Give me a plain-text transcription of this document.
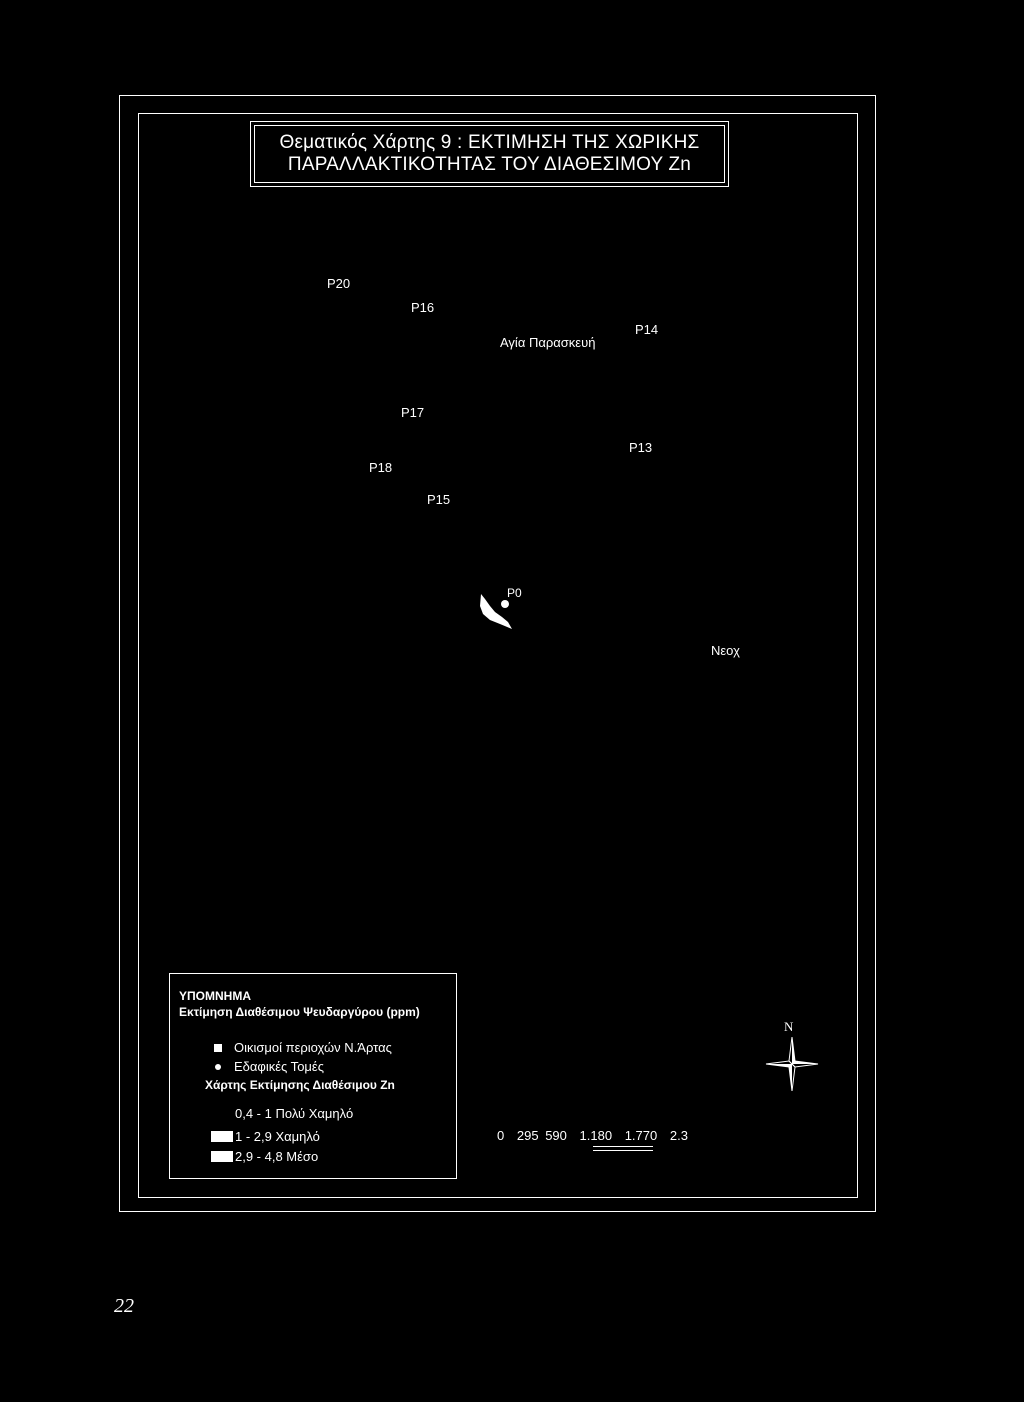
Θεματικός Χάρτης 9 : ΕΚΤΙΜΗΣΗ ΤΗΣ ΧΩΡΙΚΗΣ
ΠΑΡΑΛΛΑΚΤΙΚΟΤΗΤΑΣ ΤΟΥ ΔΙΑΘΕΣΙΜΟΥ Zn
P20
P16
Αγία Παρασκευή
P14
P17
P13
P18
P15
P0
Νεοχ
N
ΥΠΟΜΝΗΜΑ
Εκτίμηση Διαθέσιμου Ψευδαργύρου (ppm)
Οικισμοί περιοχών Ν.Άρτας
Εδαφικές Τομές
Χάρτης Εκτίμησης Διαθέσιμου Zn
0,4 - 1 Πολύ Χαμηλό
1 - 2,9 Χαμηλό
2,9 - 4,8 Μέσο
0 295 590 1.180 1.770 2.3
22
